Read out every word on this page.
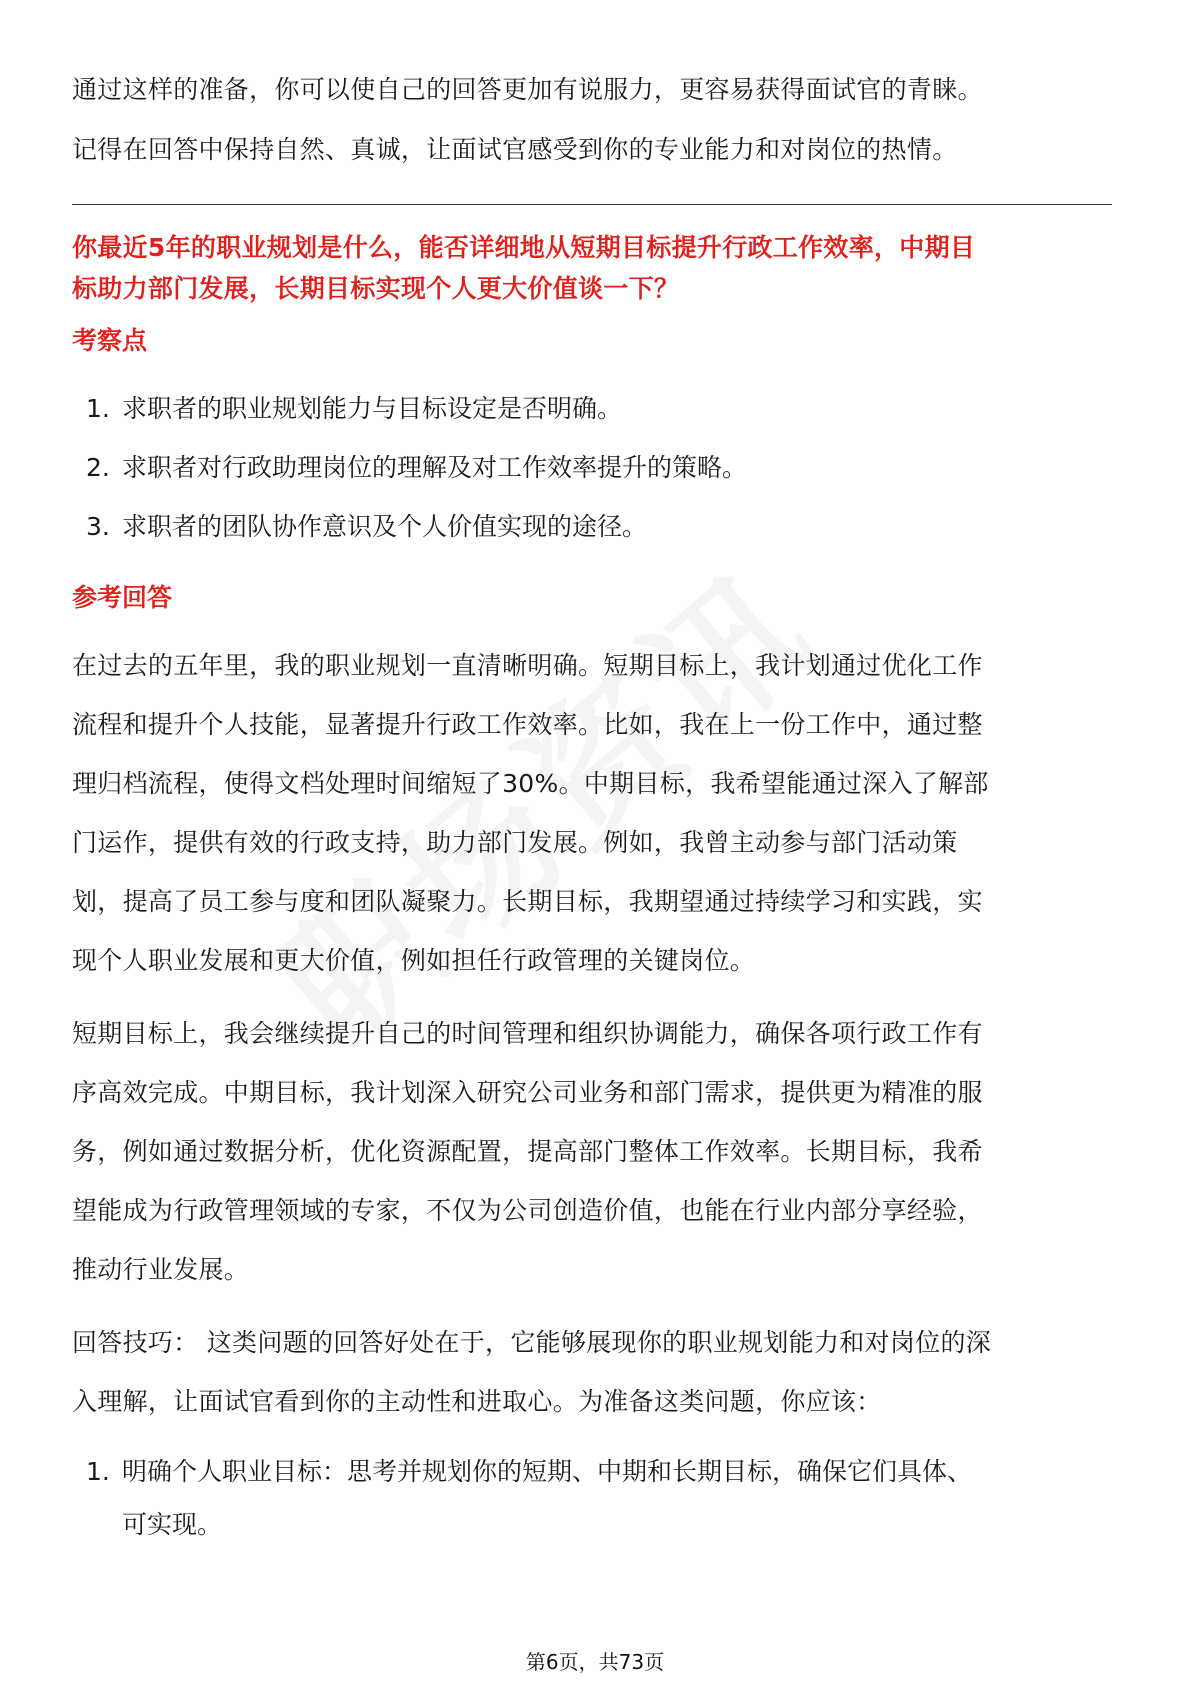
通过这样的准备，你可以使自己的回答更加有说服力，更容易获得面试官的青睐。

记得在回答中保持自然、真诚，让面试官感受到你的专业能力和对岗位的热情。

你最近5年的职业规划是什么，能否详细地从短期目标提升行政工作效率，中期目

标助力部门发展，长期目标实现个人更大价值谈一下？

考察点
1. 求职者的职业规划能力与目标设定是否明确。
2. 求职者对行政助理岗位的理解及对工作效率提升的策略。
3. 求职者的团队协作意识及个人价值实现的途径。
参考回答

在过去的五年里，我的职业规划一直清晰明确。短期目标上，我计划通过优化工作

流程和提升个人技能，显著提升行政工作效率。比如，我在上一份工作中，通过整

理归档流程，使得文档处理时间缩短了30%。中期目标，我希望能通过深入了解部

门运作，提供有效的行政支持，助力部门发展。例如，我曾主动参与部门活动策

划，提高了员工参与度和团队凝聚力。长期目标，我期望通过持续学习和实践，实

现个人职业发展和更大价值，例如担任行政管理的关键岗位。

短期目标上，我会继续提升自己的时间管理和组织协调能力，确保各项行政工作有

序高效完成。中期目标，我计划深入研究公司业务和部门需求，提供更为精准的服

务，例如通过数据分析，优化资源配置，提高部门整体工作效率。长期目标，我希

望能成为行政管理领域的专家，不仅为公司创造价值，也能在行业内部分享经验，

推动行业发展。

回答技巧： 这类问题的回答好处在于，它能够展现你的职业规划能力和对岗位的深

入理解，让面试官看到你的主动性和进取心。为准备这类问题，你应该：

1. 明确个人职业目标：思考并规划你的短期、中期和长期目标，确保它们具体、
可实现。
第6页，共73页
